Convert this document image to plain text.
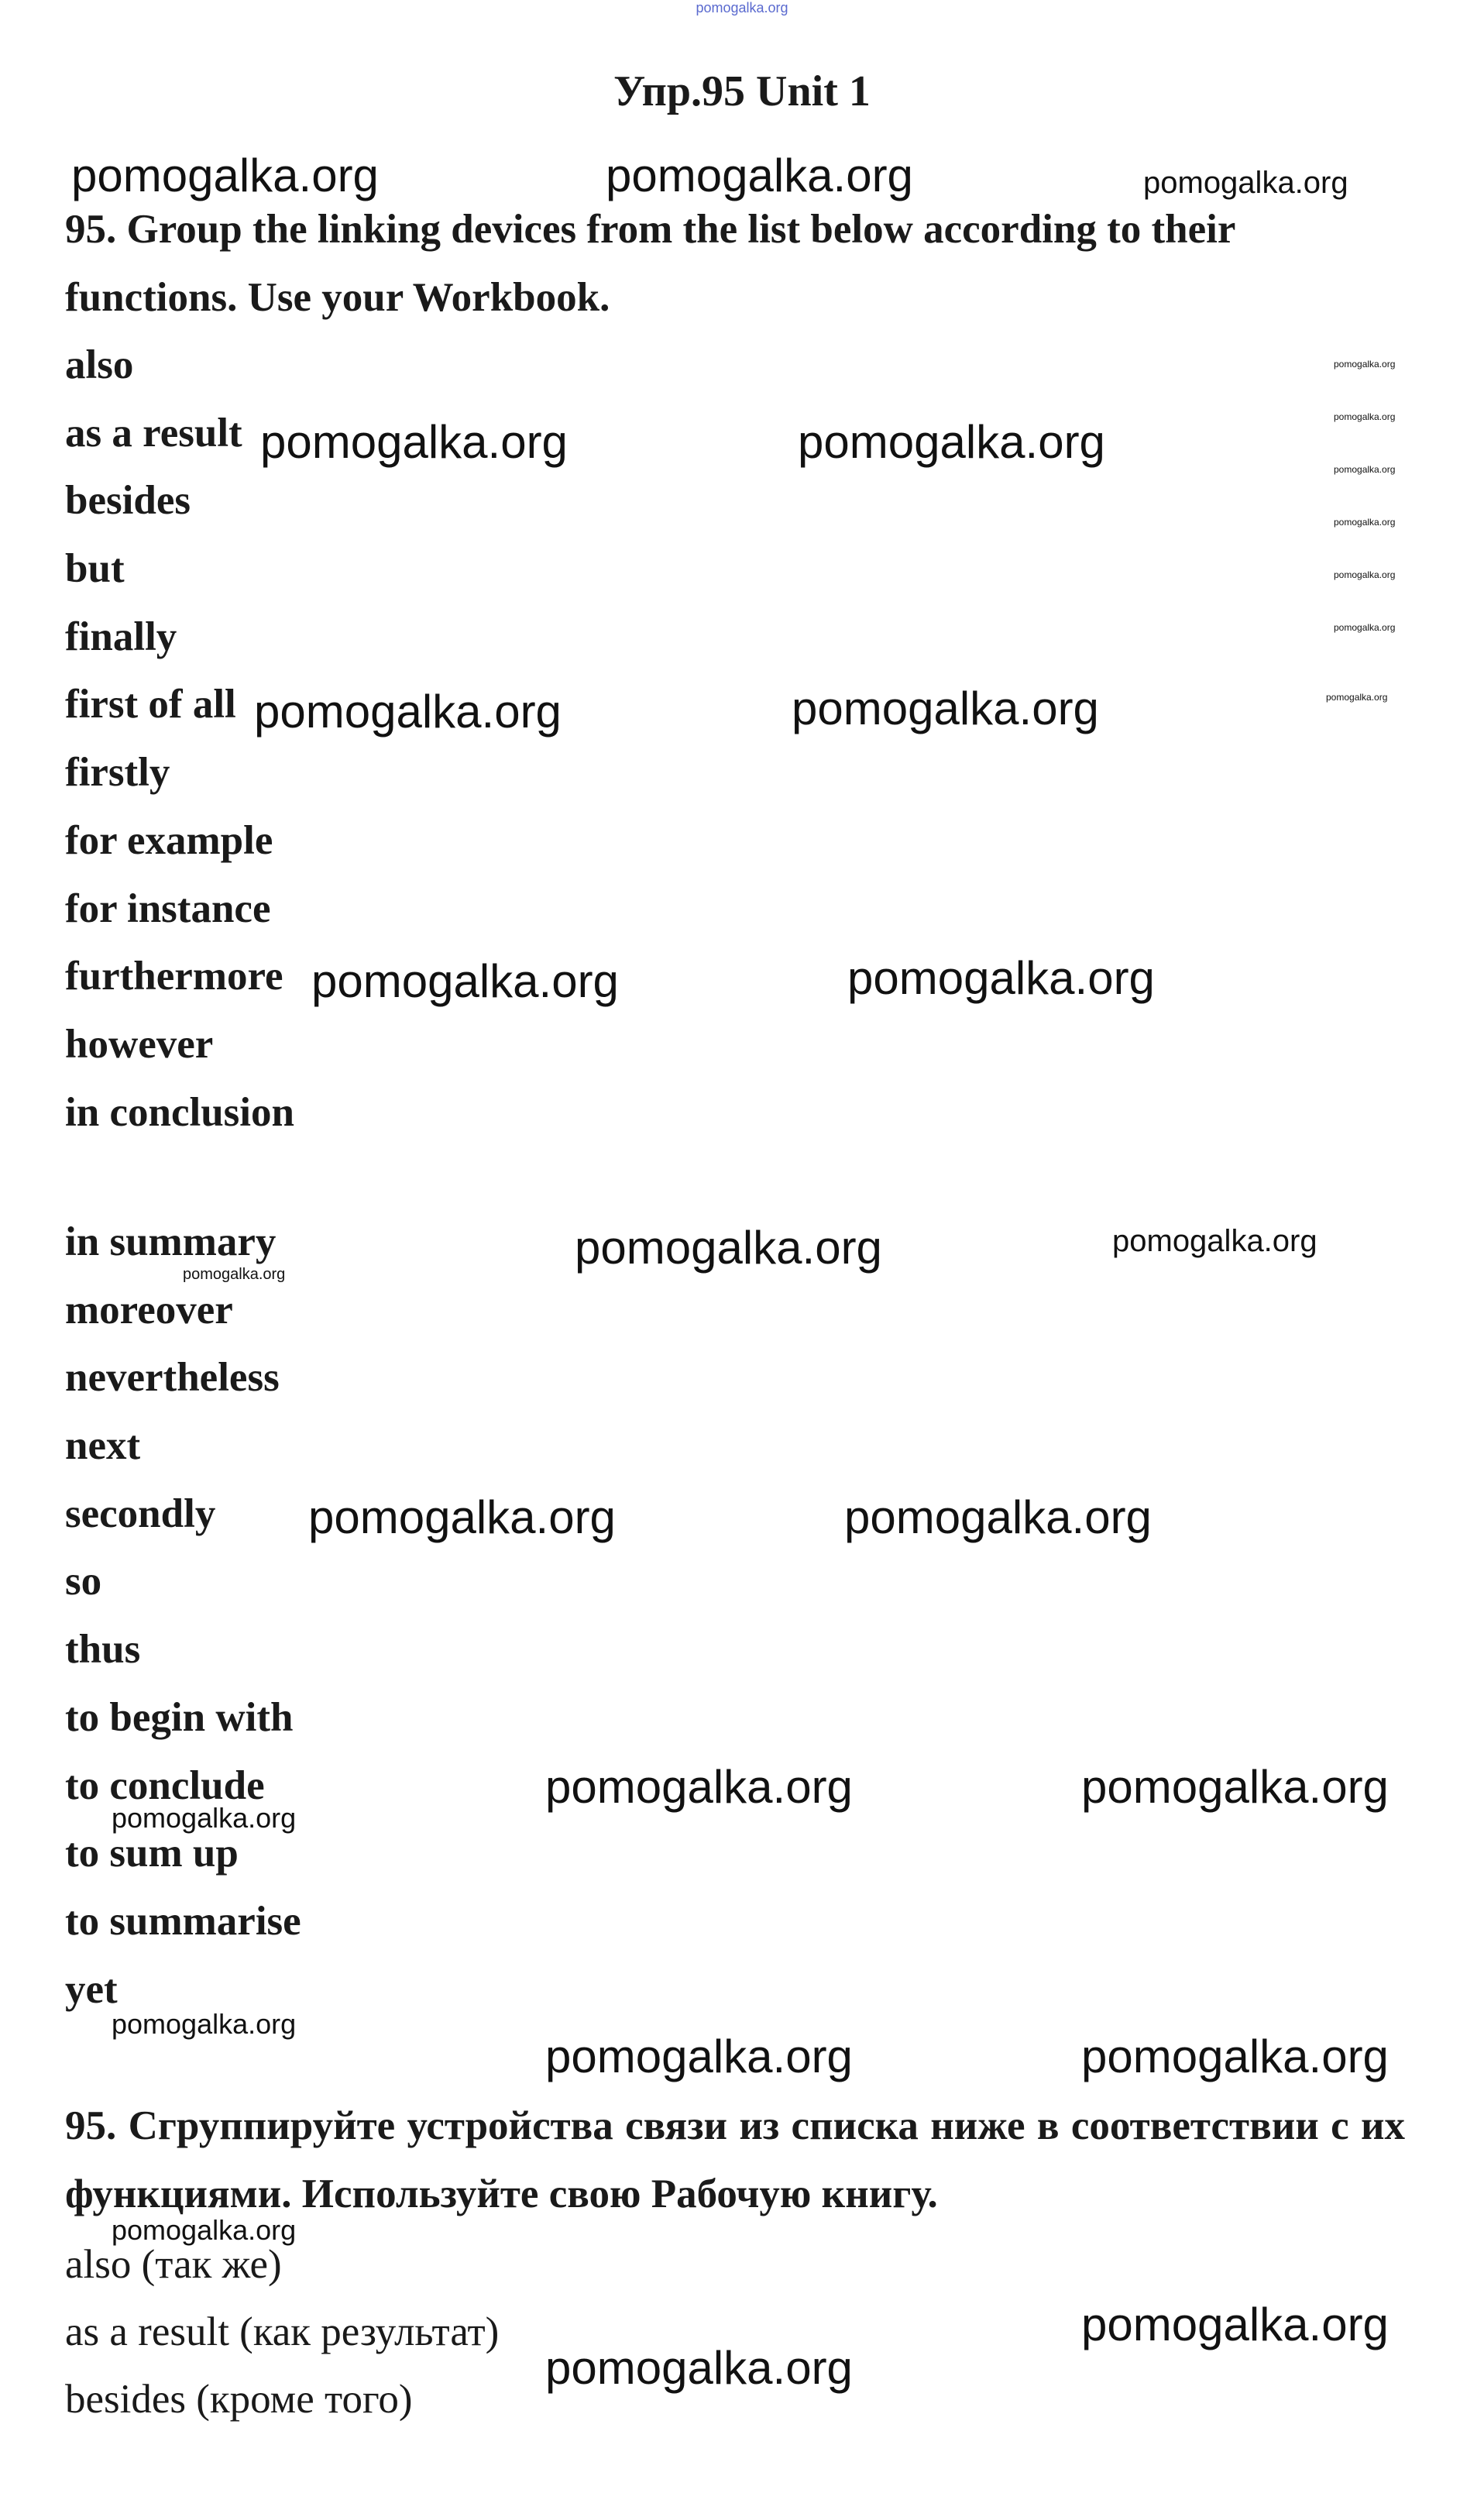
pomogalka.org
Упр.95 Unit 1

95. Group the linking devices from the list below according to their functions. Use your Workbook.

also
as a result
besides
but
finally
first of all
firstly
for example
for instance
furthermore
however
in conclusion
in summary
moreover
nevertheless
next
secondly
so
thus
to begin with
to conclude
to sum up
to summarise
yet

95. Сгруппируйте устройства связи из списка ниже в соответствии с их функциями. Используйте свою Рабочую книгу.

also (так же)
as a result (как результат)
besides (кроме того)
pomogalka.org	pomogalka.org	pomogalka.org
pomogalka.org
pomogalka.org
pomogalka.org
pomogalka.org
pomogalka.org
pomogalka.org
pomogalka.org
pomogalka.org	pomogalka.org
pomogalka.org	pomogalka.org
pomogalka.org	pomogalka.org
pomogalka.org	pomogalka.org
pomogalka.org
pomogalka.org	pomogalka.org
pomogalka.org	pomogalka.org
pomogalka.org
pomogalka.org
pomogalka.org	pomogalka.org
pomogalka.org
pomogalka.org
pomogalka.org
